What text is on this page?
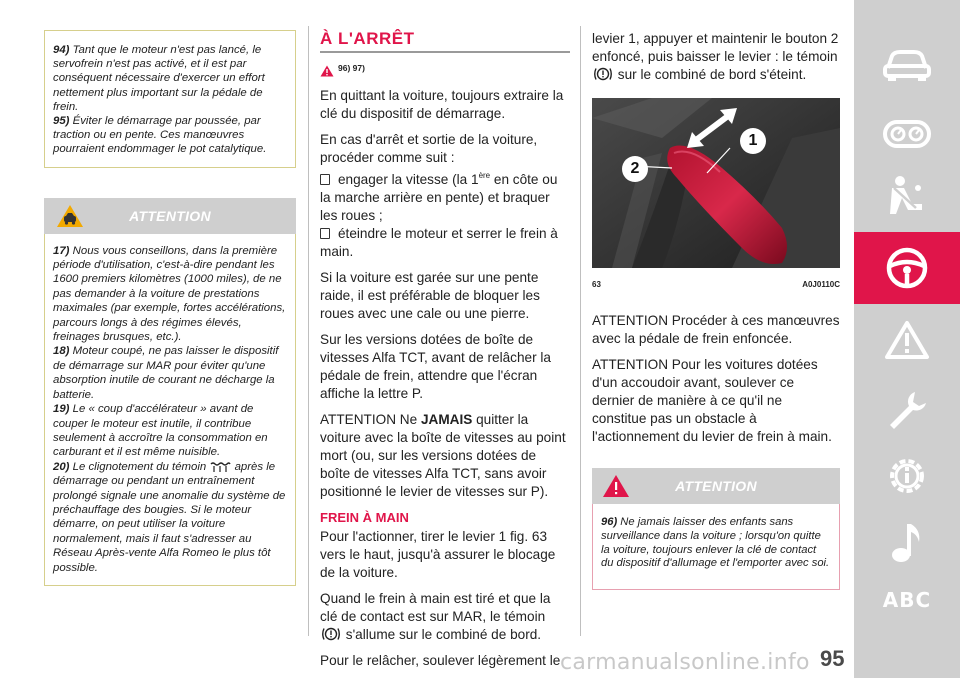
94) Tant que le moteur n'est pas lancé, le servofrein n'est pas activé, et il est par conséquent nécessaire d'exercer un effort nettement plus important sur la pédale de frein.

95) Éviter le démarrage par poussée, par traction ou en pente. Ces manœuvres pourraient endommager le pot catalytique.

ATTENTION

17) Nous vous conseillons, dans la première période d'utilisation, c'est-à-dire pendant les 1600 premiers kilomètres (1000 miles), de ne pas demander à la voiture de prestations maximales (par exemple, fortes accélérations, parcours longs à des régimes élevés, freinages brusques, etc.).

18) Moteur coupé, ne pas laisser le dispositif de démarrage sur MAR pour éviter qu'une absorption inutile de courant ne décharge la batterie.

19) Le « coup d'accélérateur » avant de couper le moteur est inutile, il contribue seulement à accroître la consommation en carburant et il est même nuisible.

20) Le clignotement du témoin après le démarrage ou pendant un entraînement prolongé signale une anomalie du système de préchauffage des bougies. Si le moteur démarre, on peut utiliser la voiture normalement, mais il faut s'adresser au Réseau Après-vente Alfa Romeo le plus tôt possible.

À L'ARRÊT
96) 97)

En quittant la voiture, toujours extraire la clé du dispositif de démarrage.

En cas d'arrêt et sortie de la voiture, procéder comme suit :
engager la vitesse (la 1ère en côte ou la marche arrière en pente) et braquer les roues ;
éteindre le moteur et serrer le frein à main.

Si la voiture est garée sur une pente raide, il est préférable de bloquer les roues avec une cale ou une pierre.

Sur les versions dotées de boîte de vitesses Alfa TCT, avant de relâcher la pédale de frein, attendre que l'écran affiche la lettre P.

ATTENTION Ne JAMAIS quitter la voiture avec la boîte de vitesses au point mort (ou, sur les versions dotées de boîte de vitesses Alfa TCT, sans avoir positionné le levier de vitesses sur P).

FREIN À MAIN

Pour l'actionner, tirer le levier 1 fig. 63 vers le haut, jusqu'à assurer le blocage de la voiture.

Quand le frein à main est tiré et que la clé de contact est sur MAR, le témoin
s'allume sur le combiné de bord.

Pour le relâcher, soulever légèrement le

levier 1, appuyer et maintenir le bouton 2 enfoncé, puis baisser le levier : le témoin  sur le combiné de bord s'éteint.

1
2
63	A0J0110C

ATTENTION Procéder à ces manœuvres avec la pédale de frein enfoncée.

ATTENTION Pour les voitures dotées d'un accoudoir avant, soulever ce dernier de manière à ce qu'il ne constitue pas un obstacle à l'actionnement du levier de frein à main.

ATTENTION

96) Ne jamais laisser des enfants sans surveillance dans la voiture ; lorsqu'on quitte la voiture, toujours enlever la clé de contact du dispositif d'allumage et l'emporter avec soi.

ABC
carmanualsonline.info 95
